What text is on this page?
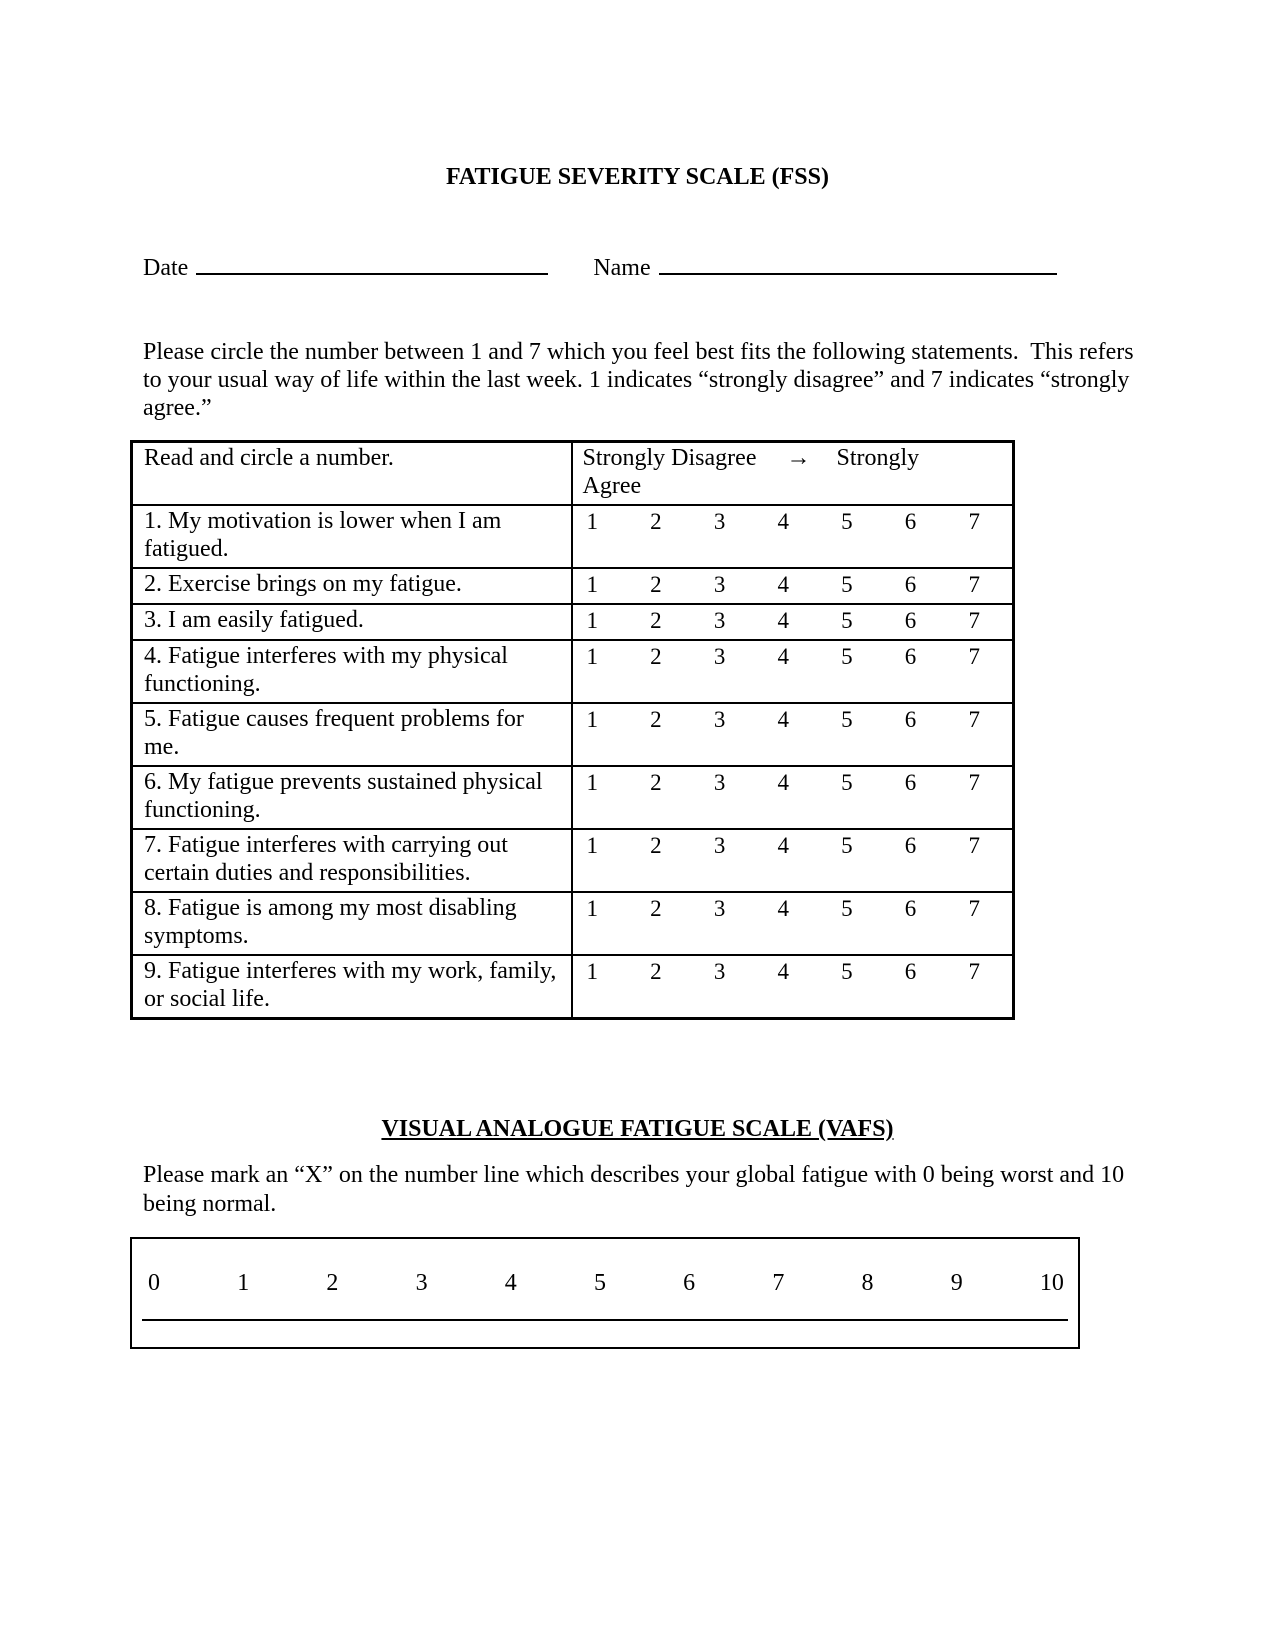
FATIGUE SEVERITY SCALE (FSS)
Date	Name

Please circle the number between 1 and 7 which you feel best fits the following statements.  This refers to your usual way of life within the last week. 1 indicates “strongly disagree” and 7 indicates “strongly agree.”

Read and circle a number.	Strongly Disagree → Strongly
Agree

1. My motivation is lower when I am fatigued.	
1 2 3 4 5 6 7

2. Exercise brings on my fatigue.	1 2 3 4 5 6 7

3. I am easily fatigued.	1 2 3 4 5 6 7

4. Fatigue interferes with my physical functioning.	
1 2 3 4 5 6 7

5. Fatigue causes frequent problems for me.	
1 2 3 4 5 6 7

6. My fatigue prevents sustained physical functioning.	
1 2 3 4 5 6 7

7. Fatigue interferes with carrying out certain duties and responsibilities.	
1 2 3 4 5 6 7

8. Fatigue is among my most disabling symptoms.	
1 2 3 4 5 6 7

9. Fatigue interferes with my work, family, or social life.	
1 2 3 4 5 6 7
VISUAL ANALOGUE FATIGUE SCALE (VAFS)

Please mark an “X” on the number line which describes your global fatigue with 0 being worst and 10 being normal.

0	1	2	3	4	5	6	7	8	9	10
